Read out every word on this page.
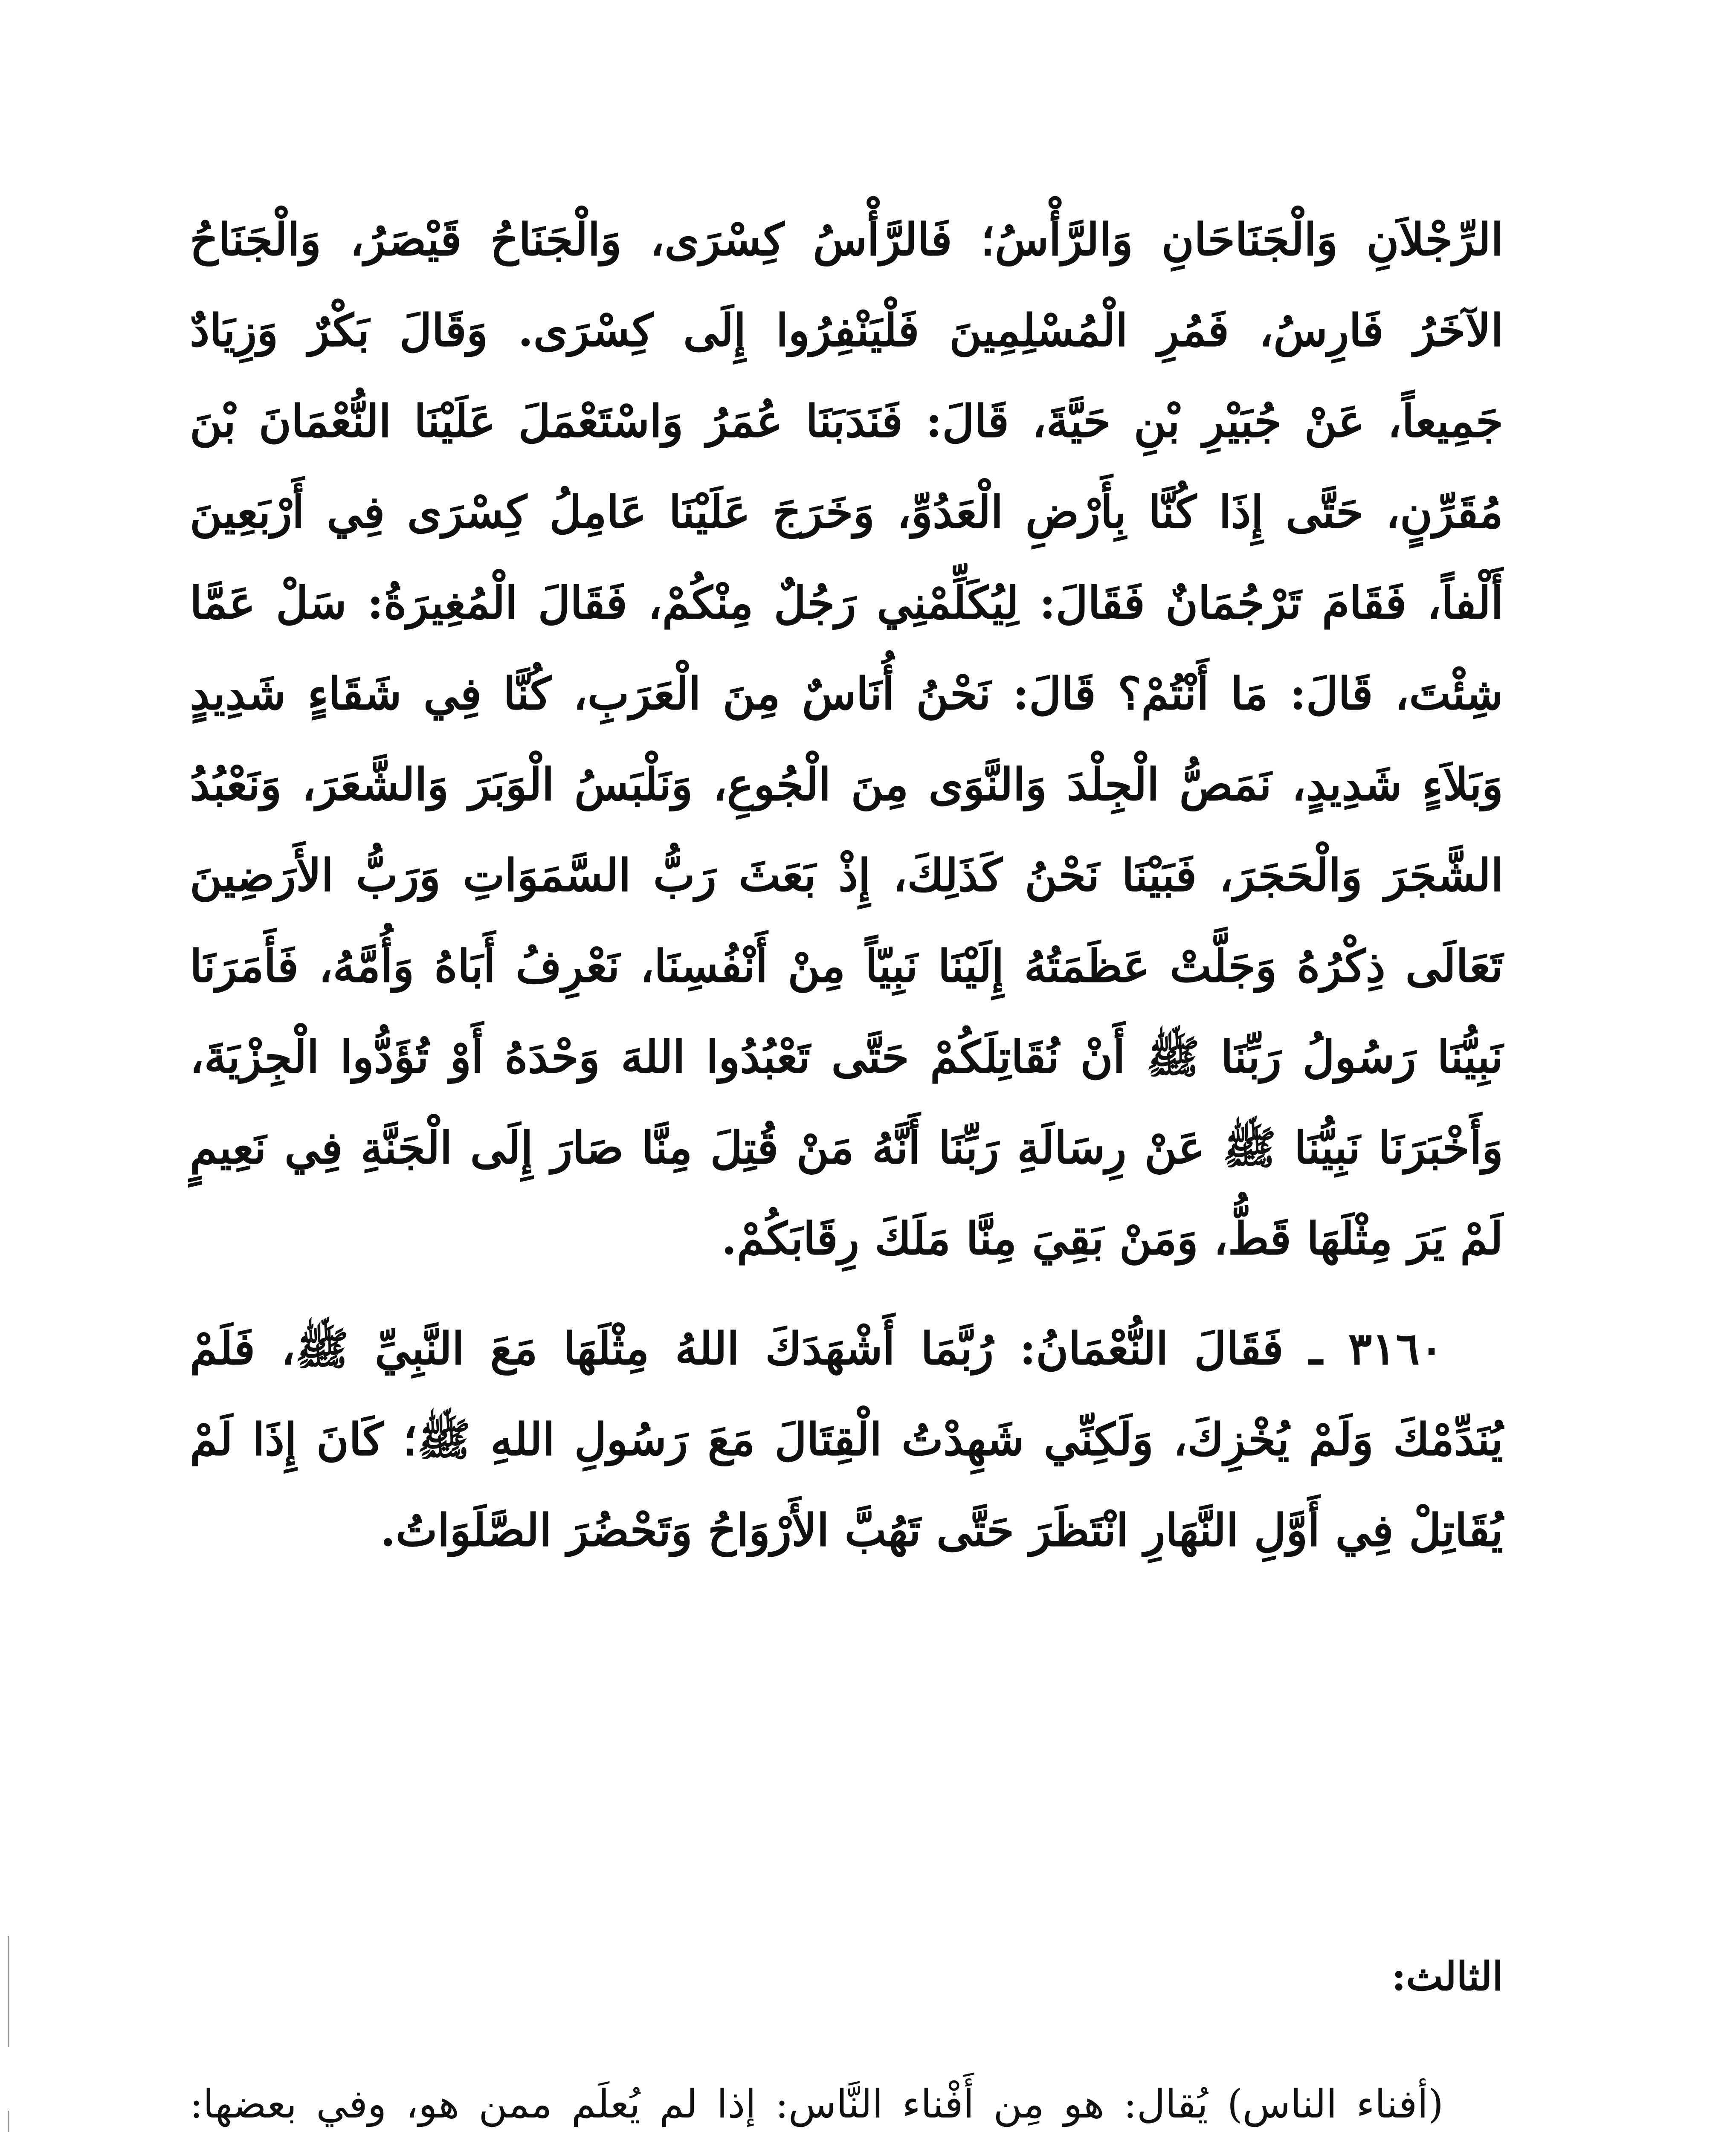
الرِّجْلاَنِ وَالْجَنَاحَانِ وَالرَّأْسُ؛ فَالرَّأْسُ كِسْرَى، وَالْجَنَاحُ قَيْصَرُ، وَالْجَنَاحُ الآخَرُ فَارِسُ، فَمُرِ الْمُسْلِمِينَ فَلْيَنْفِرُوا إِلَى كِسْرَى. وَقَالَ بَكْرٌ وَزِيَادٌ جَمِيعاً، عَنْ جُبَيْرِ بْنِ حَيَّةَ، قَالَ: فَنَدَبَنَا عُمَرُ وَاسْتَعْمَلَ عَلَيْنَا النُّعْمَانَ بْنَ مُقَرِّنٍ، حَتَّى إِذَا كُنَّا بِأَرْضِ الْعَدُوِّ، وَخَرَجَ عَلَيْنَا عَامِلُ كِسْرَى فِي أَرْبَعِينَ أَلْفاً، فَقَامَ تَرْجُمَانٌ فَقَالَ: لِيُكَلِّمْنِي رَجُلٌ مِنْكُمْ، فَقَالَ الْمُغِيرَةُ: سَلْ عَمَّا شِئْتَ، قَالَ: مَا أَنْتُمْ؟ قَالَ: نَحْنُ أُنَاسٌ مِنَ الْعَرَبِ، كُنَّا فِي شَقَاءٍ شَدِيدٍ وَبَلاَءٍ شَدِيدٍ، نَمَصُّ الْجِلْدَ وَالنَّوَى مِنَ الْجُوعِ، وَنَلْبَسُ الْوَبَرَ وَالشَّعَرَ، وَنَعْبُدُ الشَّجَرَ وَالْحَجَرَ، فَبَيْنَا نَحْنُ كَذَلِكَ، إِذْ بَعَثَ رَبُّ السَّمَوَاتِ وَرَبُّ الأَرَضِينَ تَعَالَى ذِكْرُهُ وَجَلَّتْ عَظَمَتُهُ إِلَيْنَا نَبِيّاً مِنْ أَنْفُسِنَا، نَعْرِفُ أَبَاهُ وَأُمَّهُ، فَأَمَرَنَا نَبِيُّنَا رَسُولُ رَبِّنَا ﷺ أَنْ نُقَاتِلَكُمْ حَتَّى تَعْبُدُوا اللهَ وَحْدَهُ أَوْ تُؤَدُّوا الْجِزْيَةَ، وَأَخْبَرَنَا نَبِيُّنَا ﷺ عَنْ رِسَالَةِ رَبِّنَا أَنَّهُ مَنْ قُتِلَ مِنَّا صَارَ إِلَى الْجَنَّةِ فِي نَعِيمٍ لَمْ يَرَ مِثْلَهَا قَطُّ، وَمَنْ بَقِيَ مِنَّا مَلَكَ رِقَابَكُمْ.

٣١٦٠ ـ فَقَالَ النُّعْمَانُ: رُبَّمَا أَشْهَدَكَ اللهُ مِثْلَهَا مَعَ النَّبِيِّ ﷺ، فَلَمْ يُنَدِّمْكَ وَلَمْ يُخْزِكَ، وَلَكِنِّي شَهِدْتُ الْقِتَالَ مَعَ رَسُولِ اللهِ ﷺ؛ كَانَ إِذَا لَمْ يُقَاتِلْ فِي أَوَّلِ النَّهَارِ انْتَظَرَ حَتَّى تَهُبَّ الأَرْوَاحُ وَتَحْضُرَ الصَّلَوَاتُ.

الثالث:
(أفناء الناس) يُقال: هو مِن أَفْناء النَّاس: إذا لم يُعلَم ممن هو، وفي بعضها:
